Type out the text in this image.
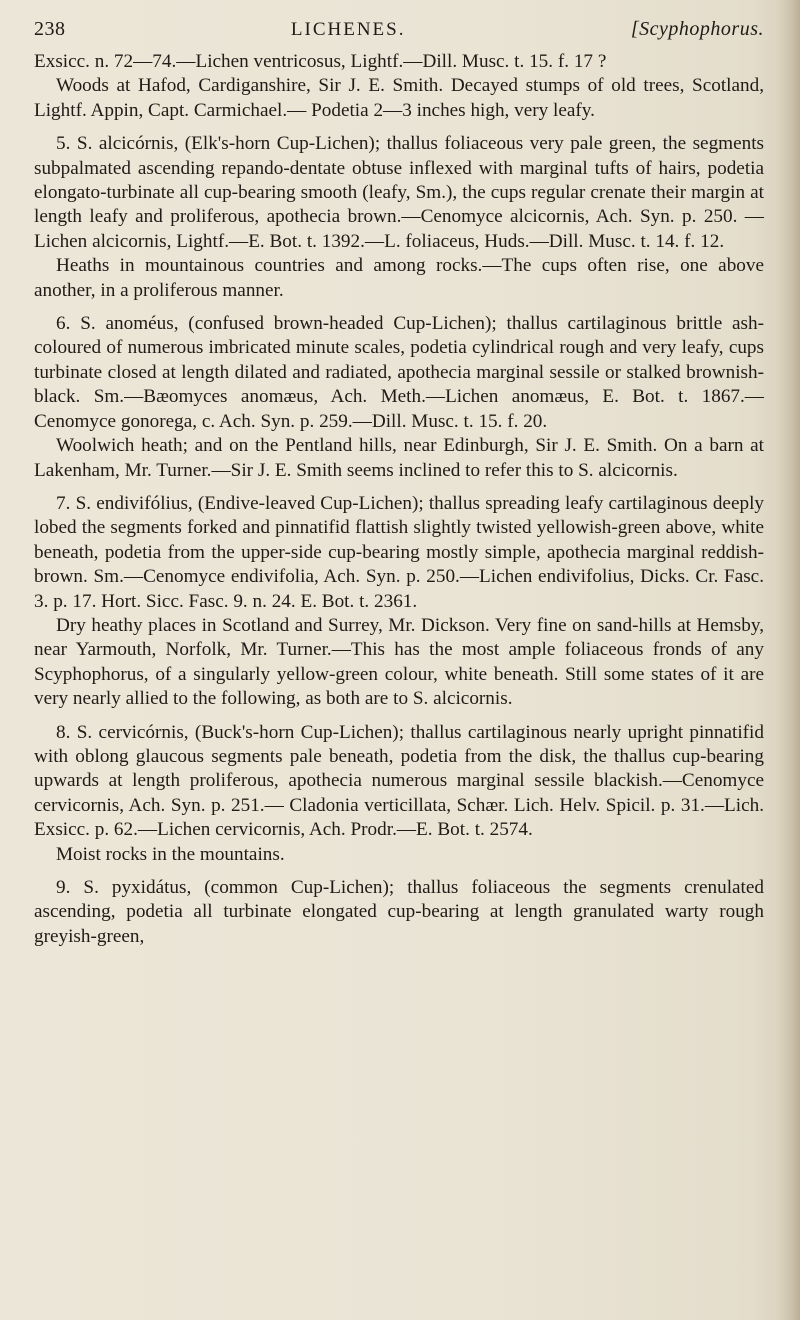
238	LICHENES.	[Scyphophorus.

Exsicc. n. 72—74.—Lichen ventricosus, Lightf.—Dill. Musc. t. 15. f. 17 ?

Woods at Hafod, Cardiganshire, Sir J. E. Smith. Decayed stumps of old trees, Scotland, Lightf. Appin, Capt. Carmichael.— Podetia 2—3 inches high, very leafy.

5. S. alcicórnis, (Elk's-horn Cup-Lichen); thallus foliaceous very pale green, the segments subpalmated ascending repando-dentate obtuse inflexed with marginal tufts of hairs, podetia elongato-turbinate all cup-bearing smooth (leafy, Sm.), the cups regular crenate their margin at length leafy and proliferous, apothecia brown.—Cenomyce alcicornis, Ach. Syn. p. 250. —Lichen alcicornis, Lightf.—E. Bot. t. 1392.—L. foliaceus, Huds.—Dill. Musc. t. 14. f. 12.

Heaths in mountainous countries and among rocks.—The cups often rise, one above another, in a proliferous manner.

6. S. anoméus, (confused brown-headed Cup-Lichen); thallus cartilaginous brittle ash-coloured of numerous imbricated minute scales, podetia cylindrical rough and very leafy, cups turbinate closed at length dilated and radiated, apothecia marginal sessile or stalked brownish-black. Sm.—Bæomyces anomæus, Ach. Meth.—Lichen anomæus, E. Bot. t. 1867.—Cenomyce gonorega, c. Ach. Syn. p. 259.—Dill. Musc. t. 15. f. 20.

Woolwich heath; and on the Pentland hills, near Edinburgh, Sir J. E. Smith. On a barn at Lakenham, Mr. Turner.—Sir J. E. Smith seems inclined to refer this to S. alcicornis.

7. S. endivifólius, (Endive-leaved Cup-Lichen); thallus spreading leafy cartilaginous deeply lobed the segments forked and pinnatifid flattish slightly twisted yellowish-green above, white beneath, podetia from the upper-side cup-bearing mostly simple, apothecia marginal reddish-brown. Sm.—Cenomyce endivifolia, Ach. Syn. p. 250.—Lichen endivifolius, Dicks. Cr. Fasc. 3. p. 17. Hort. Sicc. Fasc. 9. n. 24. E. Bot. t. 2361.

Dry heathy places in Scotland and Surrey, Mr. Dickson. Very fine on sand-hills at Hemsby, near Yarmouth, Norfolk, Mr. Turner.—This has the most ample foliaceous fronds of any Scyphophorus, of a singularly yellow-green colour, white beneath. Still some states of it are very nearly allied to the following, as both are to S. alcicornis.

8. S. cervicórnis, (Buck's-horn Cup-Lichen); thallus cartilaginous nearly upright pinnatifid with oblong glaucous segments pale beneath, podetia from the disk, the thallus cup-bearing upwards at length proliferous, apothecia numerous marginal sessile blackish.—Cenomyce cervicornis, Ach. Syn. p. 251.— Cladonia verticillata, Schær. Lich. Helv. Spicil. p. 31.—Lich. Exsicc. p. 62.—Lichen cervicornis, Ach. Prodr.—E. Bot. t. 2574.

Moist rocks in the mountains.

9. S. pyxidátus, (common Cup-Lichen); thallus foliaceous the segments crenulated ascending, podetia all turbinate elongated cup-bearing at length granulated warty rough greyish-green,
